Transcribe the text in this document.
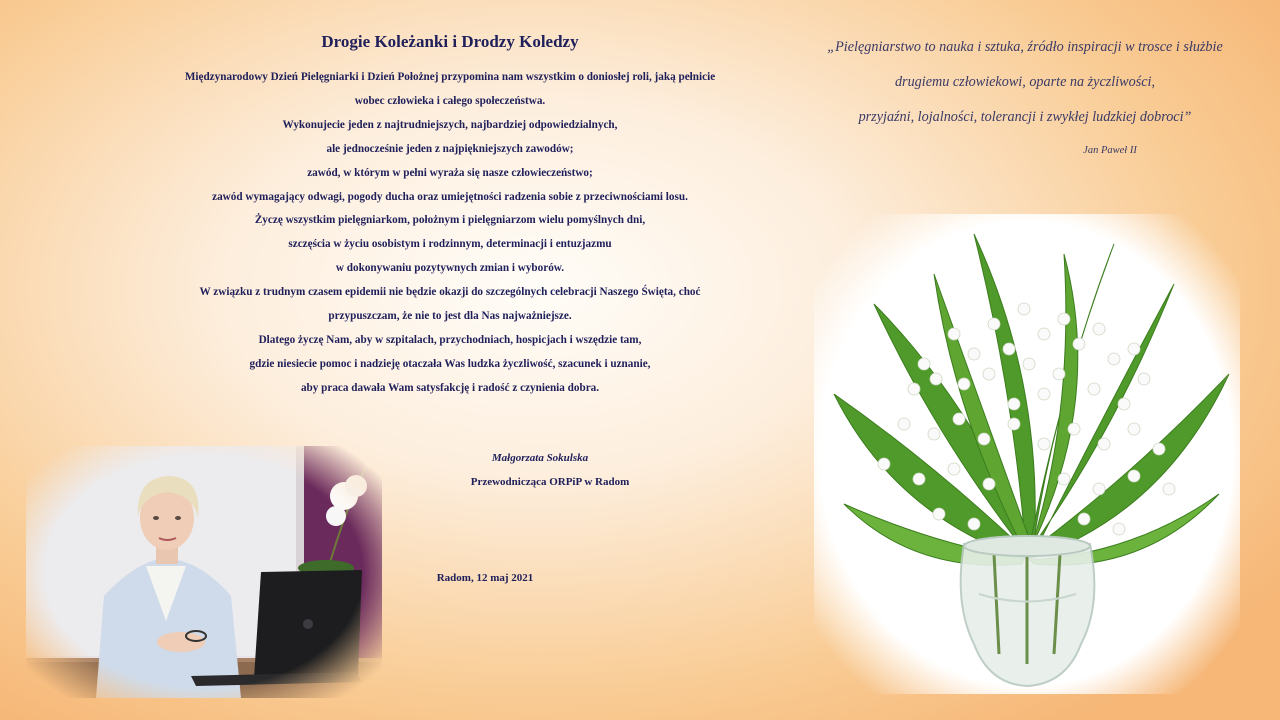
Drogie Koleżanki i Drodzy Koledzy
Międzynarodowy Dzień Pielęgniarki i Dzień Położnej przypomina nam wszystkim o doniosłej roli, jaką pełnicie
wobec człowieka i całego społeczeństwa.
Wykonujecie jeden z najtrudniejszych, najbardziej odpowiedzialnych,
ale jednocześnie jeden z najpiękniejszych zawodów;
zawód, w którym w pełni wyraża się nasze człowieczeństwo;
zawód wymagający odwagi, pogody ducha oraz umiejętności radzenia sobie z przeciwnościami losu.
Życzę wszystkim pielęgniarkom, położnym i pielęgniarzom wielu pomyślnych dni,
szczęścia w życiu osobistym i rodzinnym, determinacji i entuzjazmu
w dokonywaniu pozytywnych zmian i wyborów.
W związku z trudnym czasem epidemii nie będzie okazji do szczególnych celebracji Naszego Święta, choć
przypuszczam, że nie to jest dla Nas najważniejsze.
Dlatego życzę Nam, aby w szpitalach, przychodniach, hospicjach i wszędzie tam,
gdzie niesiecie pomoc i nadzieję otaczała Was ludzka życzliwość, szacunek i uznanie,
aby praca dawała Wam satysfakcję i radość z czynienia dobra.
„Pielęgniarstwo to nauka i sztuka, źródło inspiracji w trosce i służbie
drugiemu człowiekowi, oparte na życzliwości,
przyjaźni, lojalności, tolerancji i zwykłej ludzkiej dobroci”
Jan Paweł II
Małgorzata Sokulska
Przewodnicząca ORPiP w Radom
Radom, 12 maj 2021
